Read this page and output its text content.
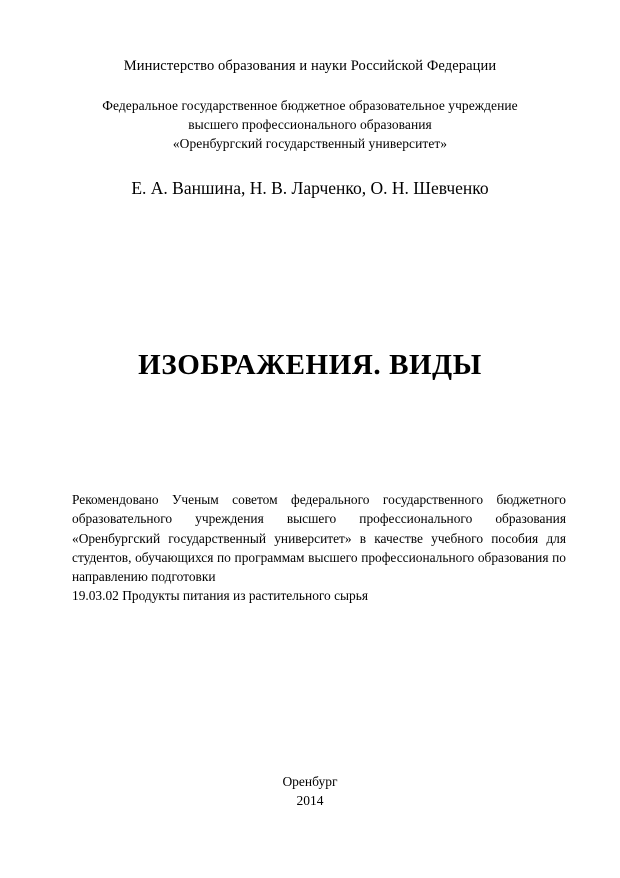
Министерство образования и науки Российской Федерации
Федеральное государственное бюджетное образовательное учреждение
высшего профессионального образования
«Оренбургский государственный университет»
Е. А. Ваншина, Н. В. Ларченко, О. Н. Шевченко
ИЗОБРАЖЕНИЯ. ВИДЫ
Рекомендовано Ученым советом федерального государственного бюджетного образовательного учреждения высшего профессионального образования «Оренбургский государственный университет» в качестве учебного пособия для студентов, обучающихся по программам высшего профессионального образования по направлению подготовки
19.03.02 Продукты питания из растительного сырья
Оренбург
2014
